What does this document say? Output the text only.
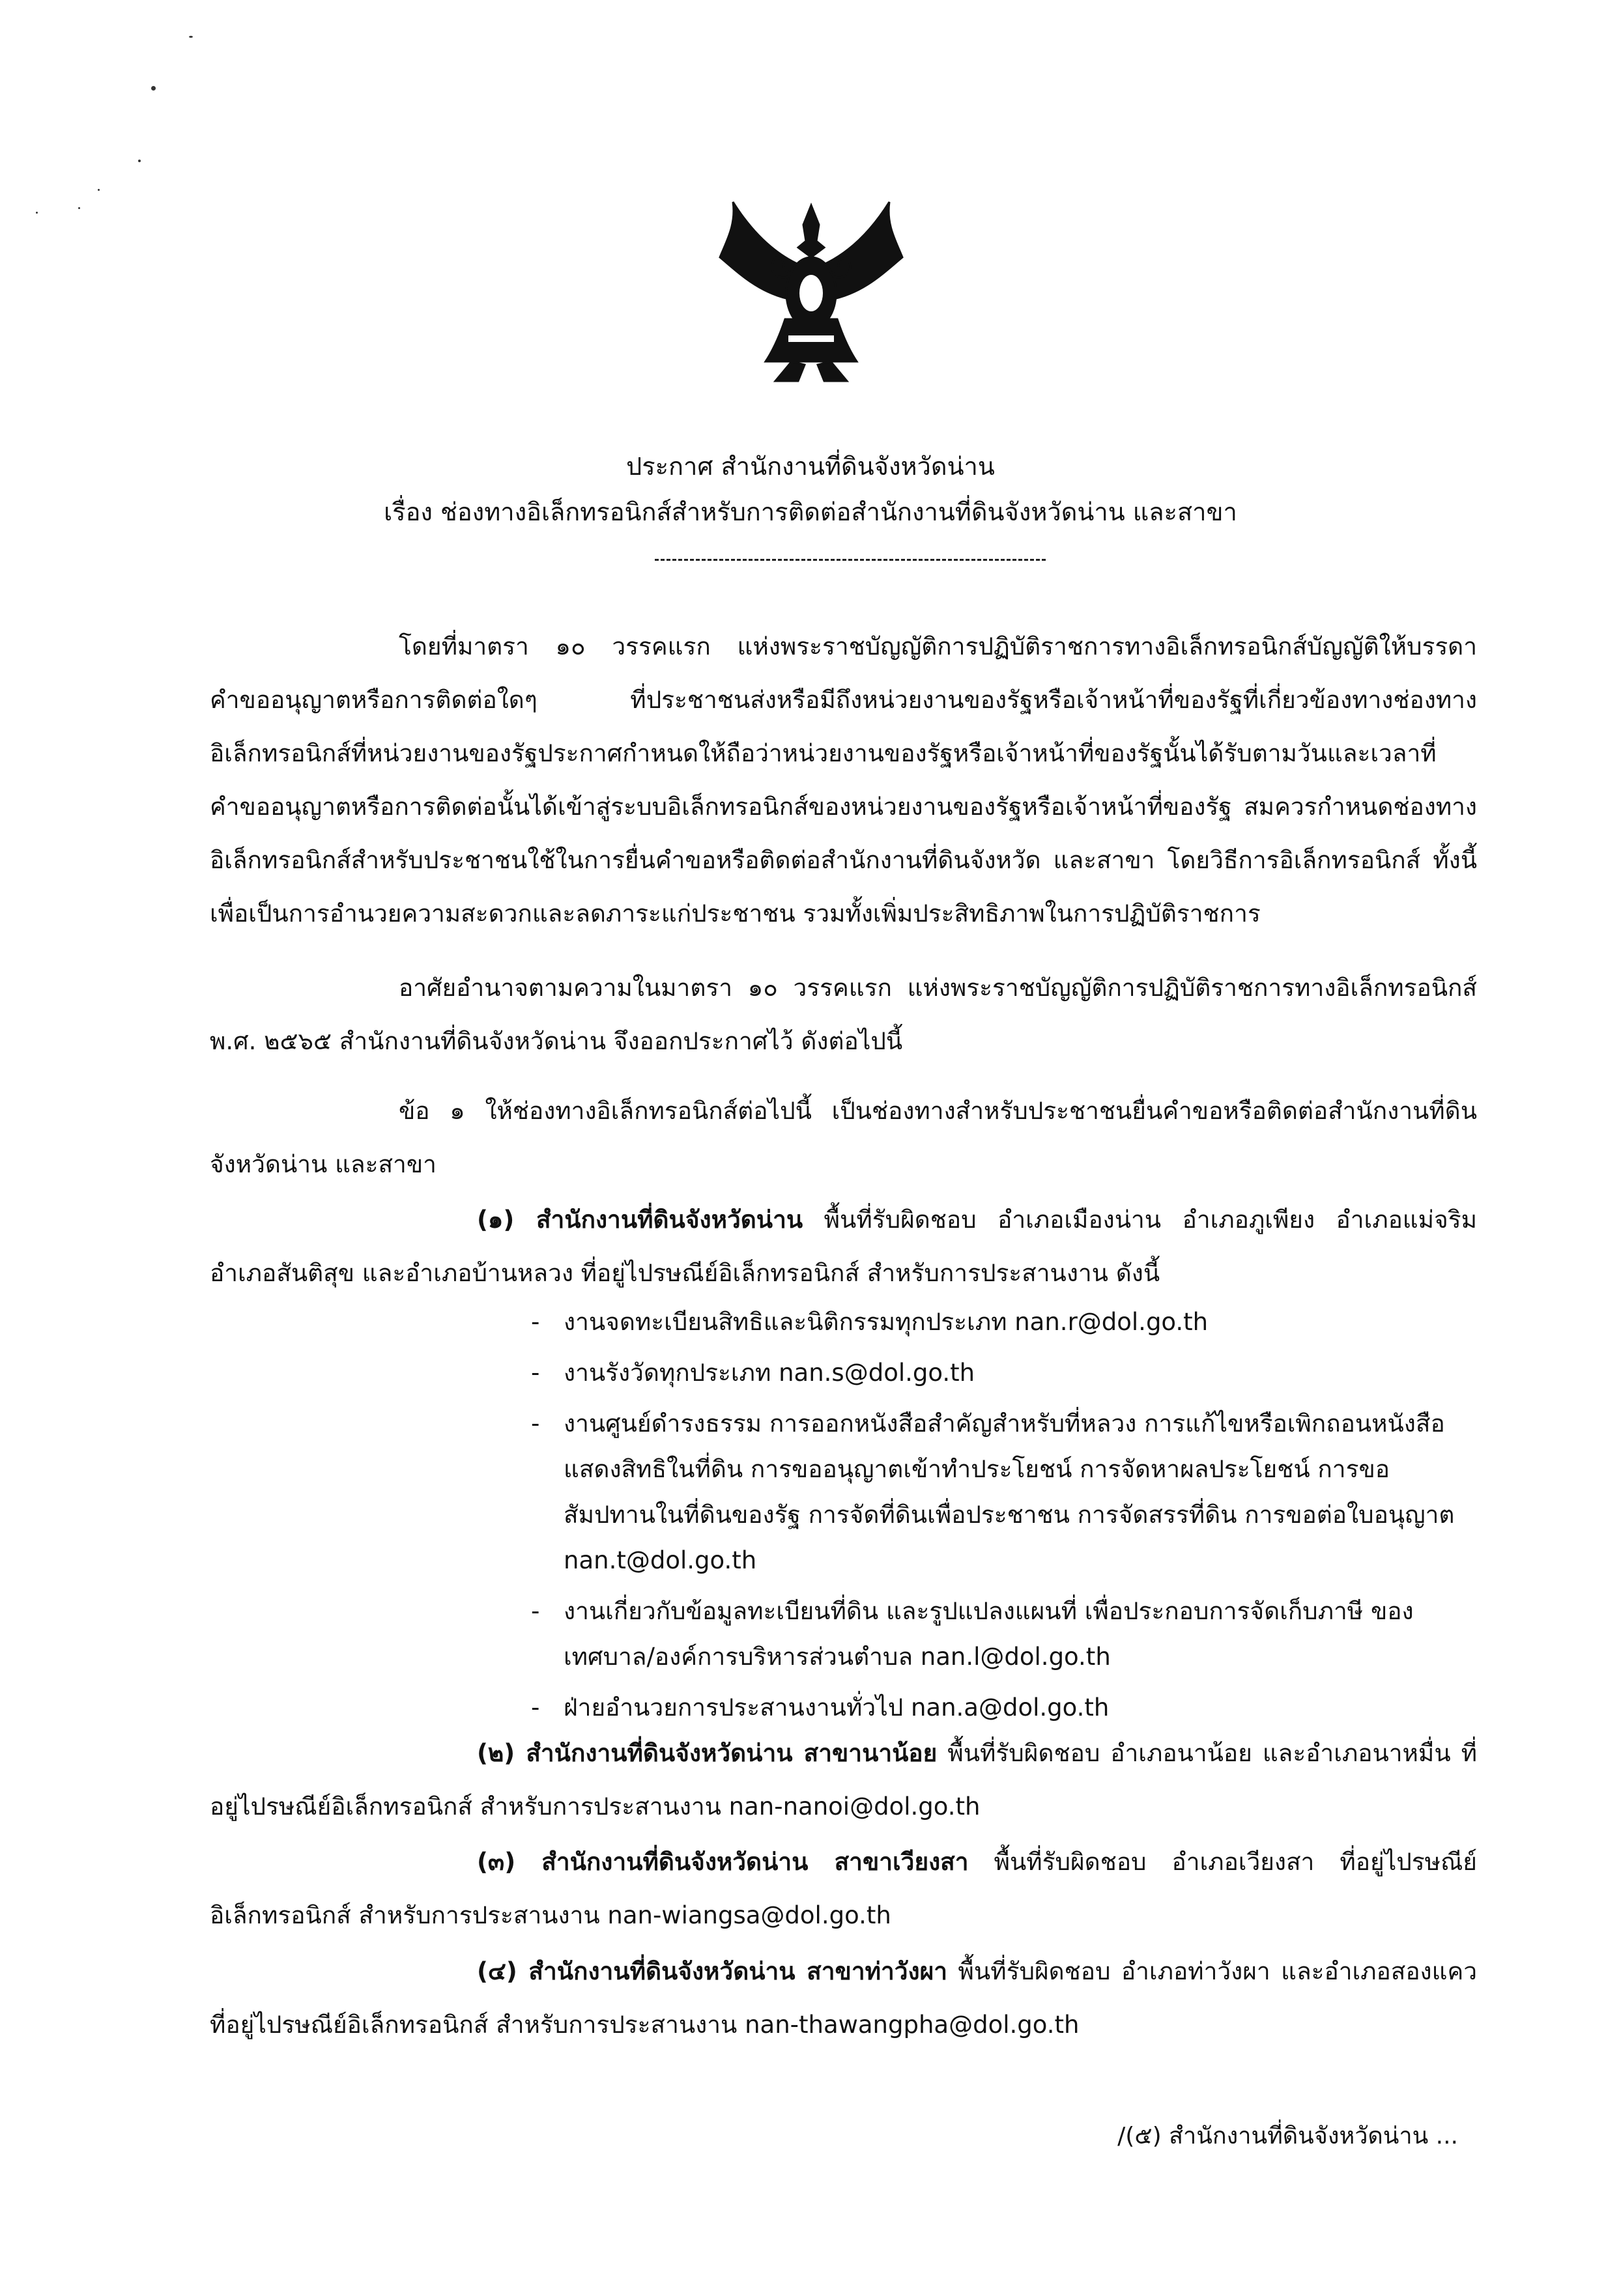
ประกาศ สำนักงานที่ดินจังหวัดน่าน
เรื่อง ช่องทางอิเล็กทรอนิกส์สำหรับการติดต่อสำนักงานที่ดินจังหวัดน่าน และสาขา
โดยที่มาตรา ๑๐ วรรคแรก แห่งพระราชบัญญัติการปฏิบัติราชการทางอิเล็กทรอนิกส์บัญญัติให้บรรดาคำขออนุญาตหรือการติดต่อใดๆ ที่ประชาชนส่งหรือมีถึงหน่วยงานของรัฐหรือเจ้าหน้าที่ของรัฐที่เกี่ยวข้องทางช่องทางอิเล็กทรอนิกส์ที่หน่วยงานของรัฐประกาศกำหนดให้ถือว่าหน่วยงานของรัฐหรือเจ้าหน้าที่ของรัฐนั้นได้รับตามวันและเวลาที่คำขออนุญาตหรือการติดต่อนั้นได้เข้าสู่ระบบอิเล็กทรอนิกส์ของหน่วยงานของรัฐหรือเจ้าหน้าที่ของรัฐ สมควรกำหนดช่องทางอิเล็กทรอนิกส์สำหรับประชาชนใช้ในการยื่นคำขอหรือติดต่อสำนักงานที่ดินจังหวัด และสาขา โดยวิธีการอิเล็กทรอนิกส์ ทั้งนี้ เพื่อเป็นการอำนวยความสะดวกและลดภาระแก่ประชาชน รวมทั้งเพิ่มประสิทธิภาพในการปฏิบัติราชการ
อาศัยอำนาจตามความในมาตรา ๑๐ วรรคแรก แห่งพระราชบัญญัติการปฏิบัติราชการทางอิเล็กทรอนิกส์ พ.ศ. ๒๕๖๕ สำนักงานที่ดินจังหวัดน่าน จึงออกประกาศไว้ ดังต่อไปนี้
ข้อ ๑ ให้ช่องทางอิเล็กทรอนิกส์ต่อไปนี้ เป็นช่องทางสำหรับประชาชนยื่นคำขอหรือติดต่อสำนักงานที่ดินจังหวัดน่าน และสาขา
(๑) สำนักงานที่ดินจังหวัดน่าน พื้นที่รับผิดชอบ อำเภอเมืองน่าน อำเภอภูเพียง อำเภอแม่จริม อำเภอสันติสุข และอำเภอบ้านหลวง ที่อยู่ไปรษณีย์อิเล็กทรอนิกส์ สำหรับการประสานงาน ดังนี้
- งานจดทะเบียนสิทธิและนิติกรรมทุกประเภท nan.r@dol.go.th
- งานรังวัดทุกประเภท nan.s@dol.go.th
- งานศูนย์ดำรงธรรม การออกหนังสือสำคัญสำหรับที่หลวง การแก้ไขหรือเพิกถอนหนังสือแสดงสิทธิในที่ดิน การขออนุญาตเข้าทำประโยชน์ การจัดหาผลประโยชน์ การขอสัมปทานในที่ดินของรัฐ การจัดที่ดินเพื่อประชาชน การจัดสรรที่ดิน การขอต่อใบอนุญาต nan.t@dol.go.th
- งานเกี่ยวกับข้อมูลทะเบียนที่ดิน และรูปแปลงแผนที่ เพื่อประกอบการจัดเก็บภาษี ของเทศบาล/องค์การบริหารส่วนตำบล nan.l@dol.go.th
- ฝ่ายอำนวยการประสานงานทั่วไป nan.a@dol.go.th
(๒) สำนักงานที่ดินจังหวัดน่าน สาขานาน้อย พื้นที่รับผิดชอบ อำเภอนาน้อย และอำเภอนาหมื่น ที่อยู่ไปรษณีย์อิเล็กทรอนิกส์ สำหรับการประสานงาน nan-nanoi@dol.go.th
(๓) สำนักงานที่ดินจังหวัดน่าน สาขาเวียงสา พื้นที่รับผิดชอบ อำเภอเวียงสา ที่อยู่ไปรษณีย์อิเล็กทรอนิกส์ สำหรับการประสานงาน nan-wiangsa@dol.go.th
(๔) สำนักงานที่ดินจังหวัดน่าน สาขาท่าวังผา พื้นที่รับผิดชอบ อำเภอท่าวังผา และอำเภอสองแคว ที่อยู่ไปรษณีย์อิเล็กทรอนิกส์ สำหรับการประสานงาน nan-thawangpha@dol.go.th
/(๕) สำนักงานที่ดินจังหวัดน่าน ...
